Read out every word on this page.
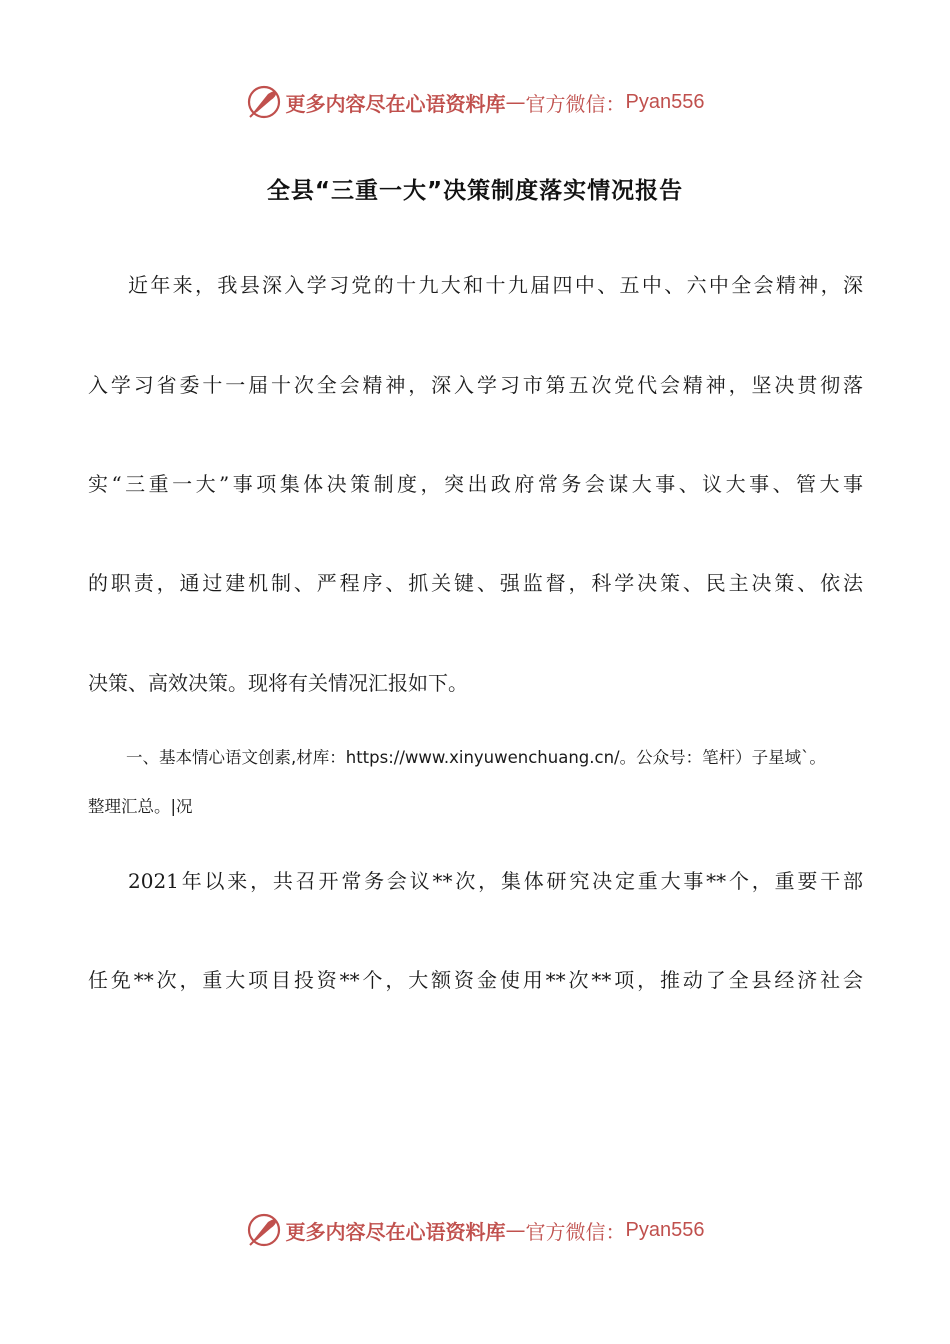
更多内容尽在心语资料库 — 官方微信： Pyan556
全县“三重一大”决策制度落实情况报告
近年来，我县深入学习党的十九大和十九届四中、五中、六中全会精神，深
入学习省委十一届十次全会精神，深入学习市第五次党代会精神，坚决贯彻落
实“三重一大”事项集体决策制度，突出政府常务会谋大事、议大事、管大事
的职责，通过建机制、严程序、抓关键、强监督，科学决策、民主决策、依法
决策、高效决策。现将有关情况汇报如下。
一、基本情心语文创素,材库：https://www.xinyuwenchuang.cn/。公众号：笔杆）子星域`。
整理汇总。|况
2021年以来，共召开常务会议**次，集体研究决定重大事**个，重要干部
任免**次，重大项目投资**个，大额资金使用**次**项，推动了全县经济社会
更多内容尽在心语资料库 — 官方微信： Pyan556
